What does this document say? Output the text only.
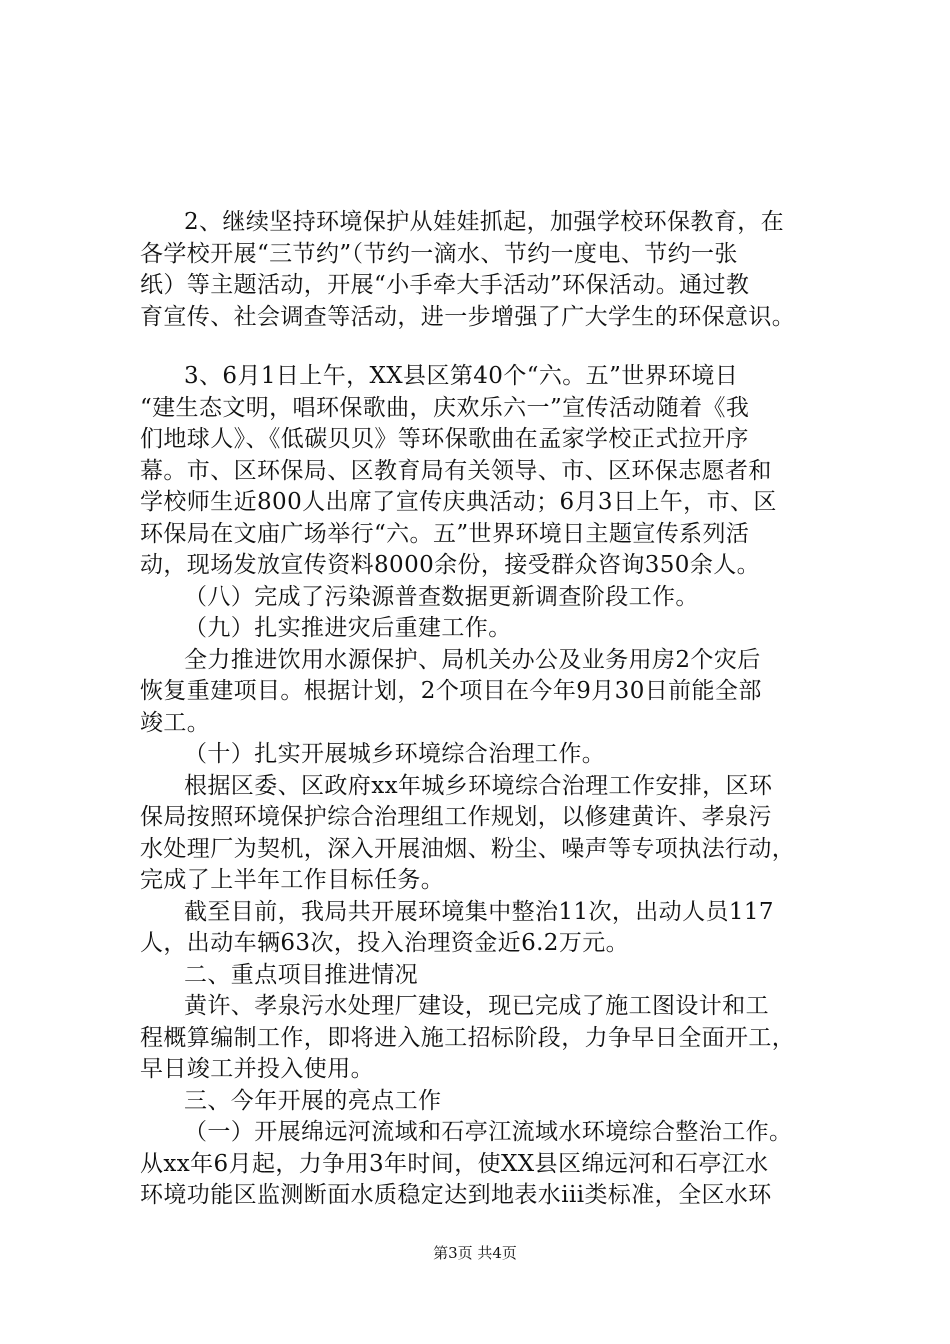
2、继续坚持环境保护从娃娃抓起，加强学校环保教育，在
各学校开展“三节约”（节约一滴水、节约一度电、节约一张
纸）等主题活动，开展“小手牵大手活动”环保活动。通过教
育宣传、社会调查等活动，进一步增强了广大学生的环保意识。
3、6月1日上午，XX县区第40个“六。五”世界环境日
“建生态文明，唱环保歌曲，庆欢乐六一”宣传活动随着《我
们地球人》、《低碳贝贝》等环保歌曲在孟家学校正式拉开序
幕。市、区环保局、区教育局有关领导、市、区环保志愿者和
学校师生近800人出席了宣传庆典活动；6月3日上午，市、区
环保局在文庙广场举行“六。五”世界环境日主题宣传系列活
动，现场发放宣传资料8000余份，接受群众咨询350余人。
（八）完成了污染源普查数据更新调查阶段工作。
（九）扎实推进灾后重建工作。
全力推进饮用水源保护、局机关办公及业务用房2个灾后
恢复重建项目。根据计划，2个项目在今年9月30日前能全部
竣工。
（十）扎实开展城乡环境综合治理工作。
根据区委、区政府xx年城乡环境综合治理工作安排，区环
保局按照环境保护综合治理组工作规划，以修建黄许、孝泉污
水处理厂为契机，深入开展油烟、粉尘、噪声等专项执法行动，
完成了上半年工作目标任务。
截至目前，我局共开展环境集中整治11次，出动人员117
人，出动车辆63次，投入治理资金近6.2万元。
二、重点项目推进情况
黄许、孝泉污水处理厂建设，现已完成了施工图设计和工
程概算编制工作，即将进入施工招标阶段，力争早日全面开工，
早日竣工并投入使用。
三、今年开展的亮点工作
（一）开展绵远河流域和石亭江流域水环境综合整治工作。
从xx年6月起，力争用3年时间，使XX县区绵远河和石亭江水
环境功能区监测断面水质稳定达到地表水iii类标准，全区水环
第3页 共4页
